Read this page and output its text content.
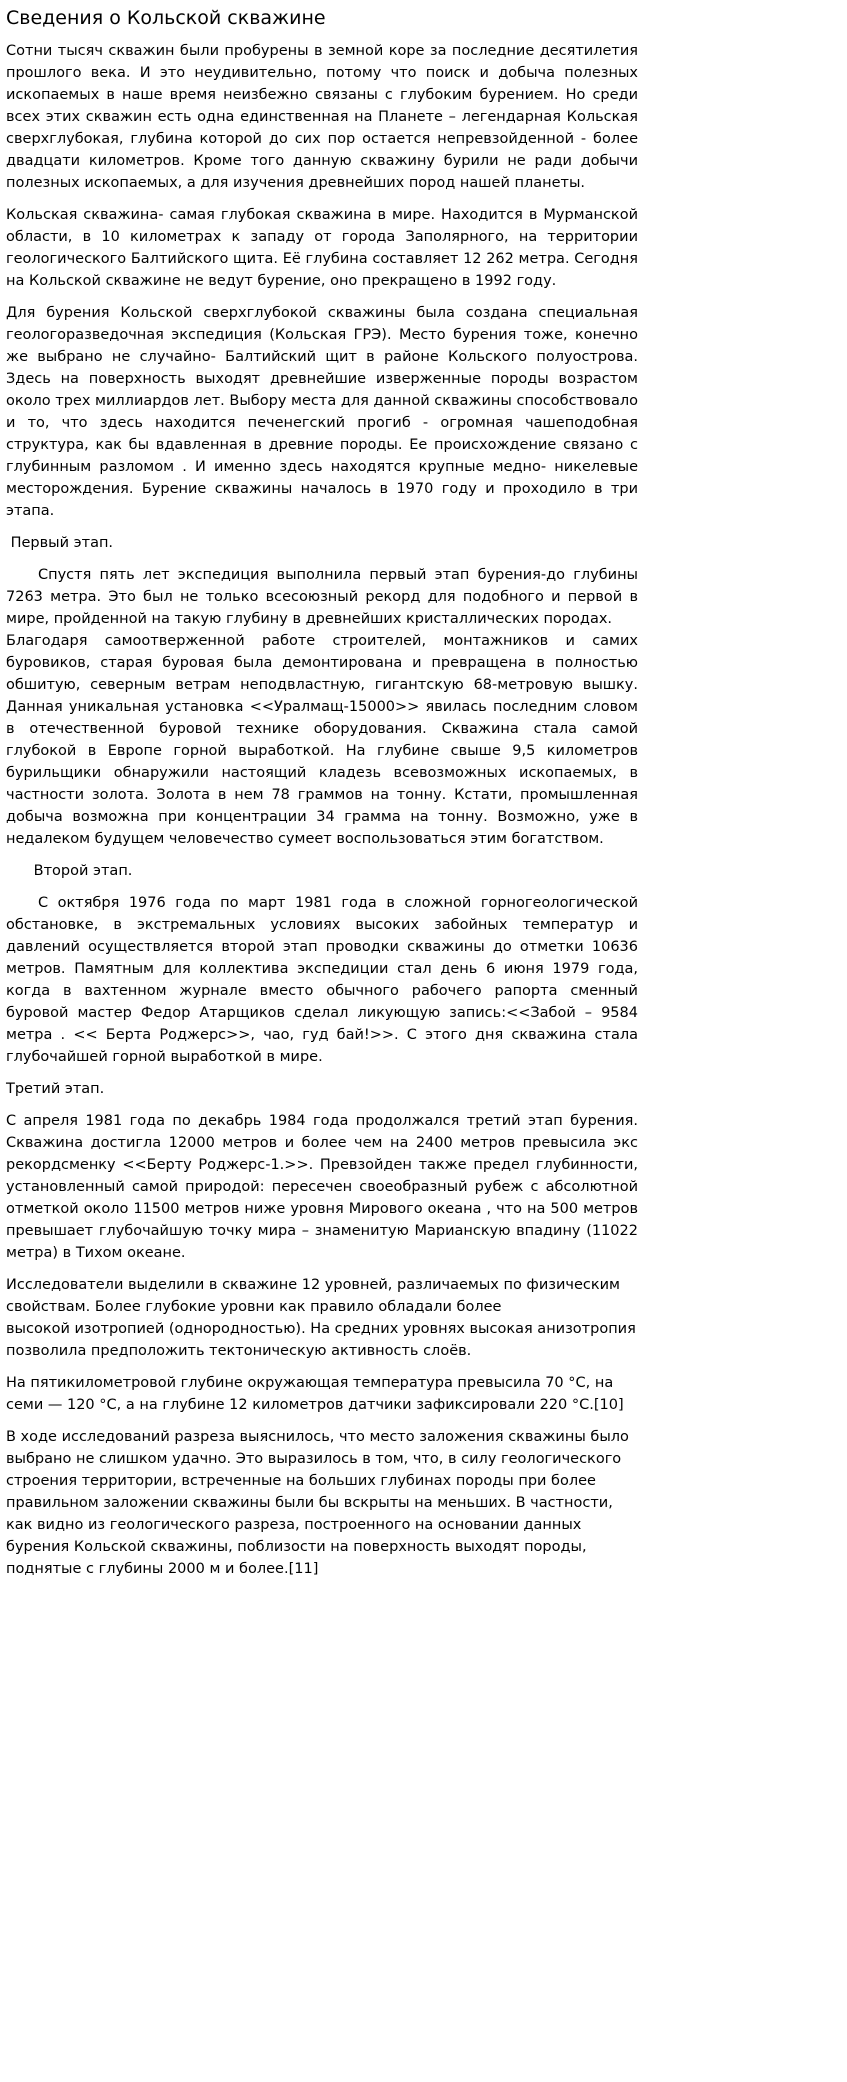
Сведения о Кольской скважине

Сотни тысяч скважин были пробурены в земной коре за последние десятилетия прошлого века. И это неудивительно, потому что поиск и добыча полезных ископаемых в наше время неизбежно связаны с глубоким бурением. Но среди всех этих скважин есть одна единственная на Планете – легендарная Кольская сверхглубокая, глубина которой до сих пор остается непревзойденной - более двадцати километров. Кроме того данную скважину бурили не ради добычи полезных ископаемых, а для изучения древнейших пород нашей планеты.

Кольская скважина- самая глубокая скважина в мире. Находится в Мурманской области, в 10 километрах к западу от города Заполярного, на территории геологического Балтийского щита. Её глубина составляет 12 262 метра. Сегодня на Кольской скважине не ведут бурение, оно прекращено в 1992 году.

Для бурения Кольской сверхглубокой скважины была создана специальная геологоразведочная экспедиция (Кольская ГРЭ). Место бурения тоже, конечно же выбрано не случайно- Балтийский щит в районе Кольского полуострова. Здесь на поверхность выходят древнейшие изверженные породы возрастом около трех миллиардов лет. Выбору места для данной скважины способствовало и то, что здесь находится печенегский прогиб - огромная чашеподобная структура, как бы вдавленная в древние породы. Ее происхождение связано с глубинным разломом . И именно здесь находятся крупные медно- никелевые месторождения. Бурение скважины началось в 1970 году и проходило в три этапа.

Первый этап.

Спустя пять лет экспедиция выполнила первый этап бурения-до глубины 7263 метра. Это был не только всесоюзный рекорд для подобного и первой в мире, пройденной на такую глубину в древнейших кристаллических породах.

Благодаря самоотверженной работе строителей, монтажников и самих буровиков, старая буровая была демонтирована и превращена в полностью обшитую, северным ветрам неподвластную, гигантскую 68-метровую вышку. Данная уникальная установка <<Уралмащ-15000>> явилась последним словом в отечественной буровой технике оборудования. Скважина стала самой глубокой в Европе горной выработкой. На глубине свыше 9,5 километров бурильщики обнаружили настоящий кладезь всевозможных ископаемых, в частности золота. Золота в нем 78 граммов на тонну. Кстати, промышленная добыча возможна при концентрации 34 грамма на тонну. Возможно, уже в недалеком будущем человечество сумеет воспользоваться этим богатством.

Второй этап.

С октября 1976 года по март 1981 года в сложной горногеологической обстановке, в экстремальных условиях высоких забойных температур и давлений осуществляется второй этап проводки скважины до отметки 10636 метров. Памятным для коллектива экспедиции стал день 6 июня 1979 года, когда в вахтенном журнале вместо обычного рабочего рапорта сменный буровой мастер Федор Атарщиков сделал ликующую запись:<<Забой – 9584 метра . << Берта Роджерс>>, чао, гуд бай!>>. С этого дня скважина стала глубочайшей горной выработкой в мире.

Третий этап.

С апреля 1981 года по декабрь 1984 года продолжался третий этап бурения. Скважина достигла 12000 метров и более чем на 2400 метров превысила экс рекордсменку <<Берту Роджерс-1.>>. Превзойден также предел глубинности, установленный самой природой: пересечен своеобразный рубеж с абсолютной отметкой около 11500 метров ниже уровня Мирового океана , что на 500 метров превышает глубочайшую точку мира – знаменитую Марианскую впадину (11022 метра) в Тихом океане.

Исследователи выделили в скважине 12 уровней, различаемых по физическим
свойствам. Более глубокие уровни как правило обладали более
высокой изотропией (однородностью). На средних уровнях высокая анизотропия
позволила предположить тектоническую активность слоёв.

На пятикилометровой глубине окружающая температура превысила 70 °C, на
семи — 120 °C, а на глубине 12 километров датчики зафиксировали 220 °C.[10]

В ходе исследований разреза выяснилось, что место заложения скважины было
выбрано не слишком удачно. Это выразилось в том, что, в силу геологического
строения территории, встреченные на больших глубинах породы при более
правильном заложении скважины были бы вскрыты на меньших. В частности,
как видно из геологического разреза, построенного на основании данных
бурения Кольской скважины, поблизости на поверхность выходят породы,
поднятые с глубины 2000 м и более.[11]
